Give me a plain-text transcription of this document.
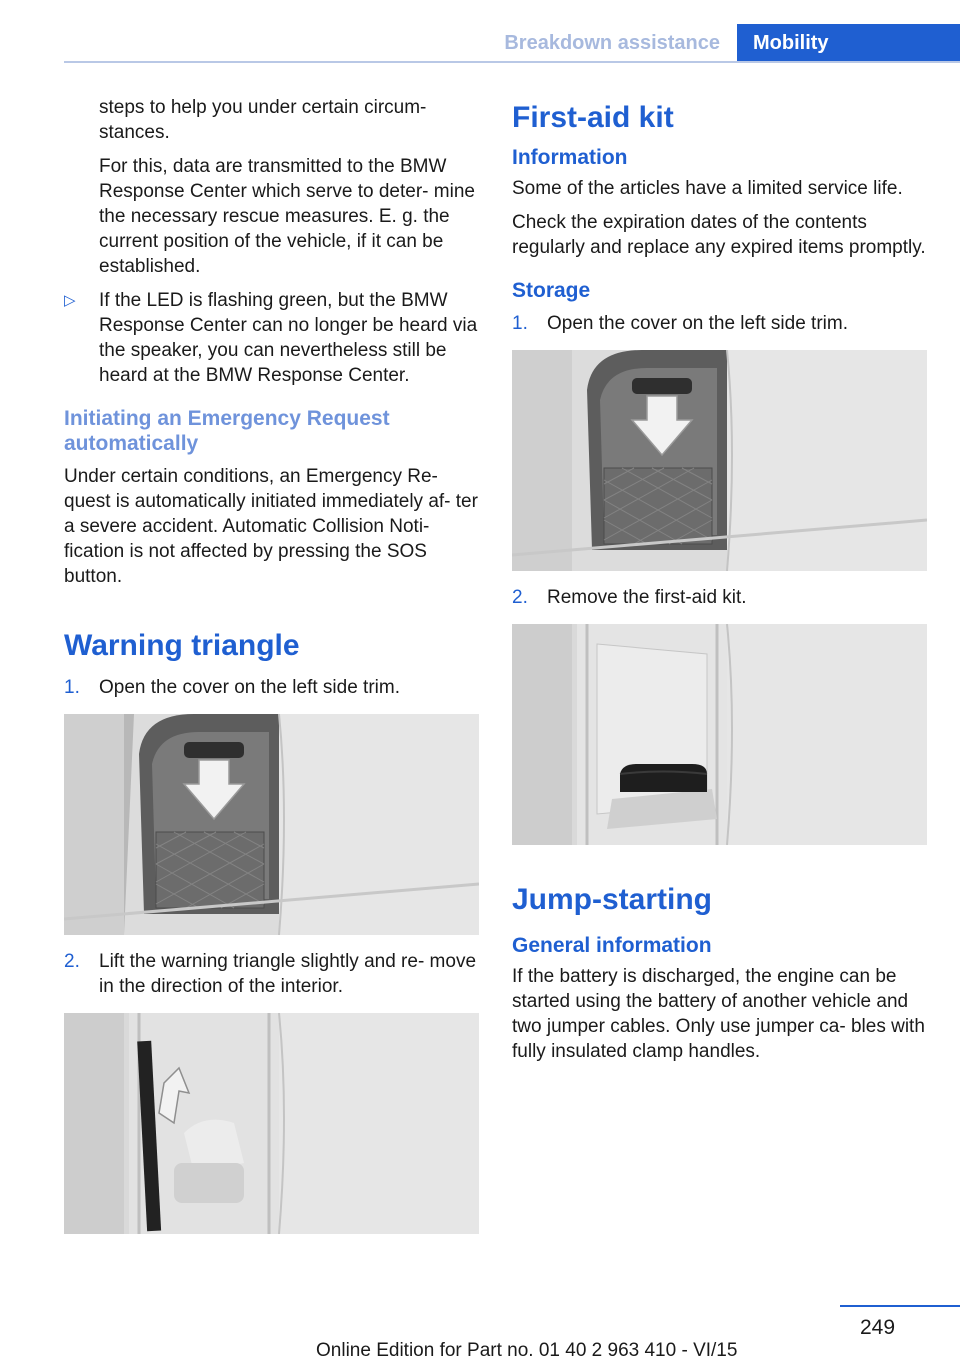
Breakdown assistance	Mobility

steps to help you under certain circum‐ stances.

For this, data are transmitted to the BMW Response Center which serve to deter‐ mine the necessary rescue measures. E. g. the current position of the vehicle, if it can be established.

▷ If the LED is flashing green, but the BMW Response Center can no longer be heard via the speaker, you can nevertheless still be heard at the BMW Response Center.
Initiating an Emergency Request automatically

Under certain conditions, an Emergency Re‐ quest is automatically initiated immediately af‐ ter a severe accident. Automatic Collision Noti‐ fication is not affected by pressing the SOS button.

Warning triangle
1. Open the cover on the left side trim.
2. Lift the warning triangle slightly and re‐ move in the direction of the interior.
First-aid kit
Information

Some of the articles have a limited service life.

Check the expiration dates of the contents regularly and replace any expired items promptly.

Storage
1. Open the cover on the left side trim.
2. Remove the first-aid kit.
Jump-starting
General information

If the battery is discharged, the engine can be started using the battery of another vehicle and two jumper cables. Only use jumper ca‐ bles with fully insulated clamp handles.

249
Online Edition for Part no. 01 40 2 963 410 - VI/15
